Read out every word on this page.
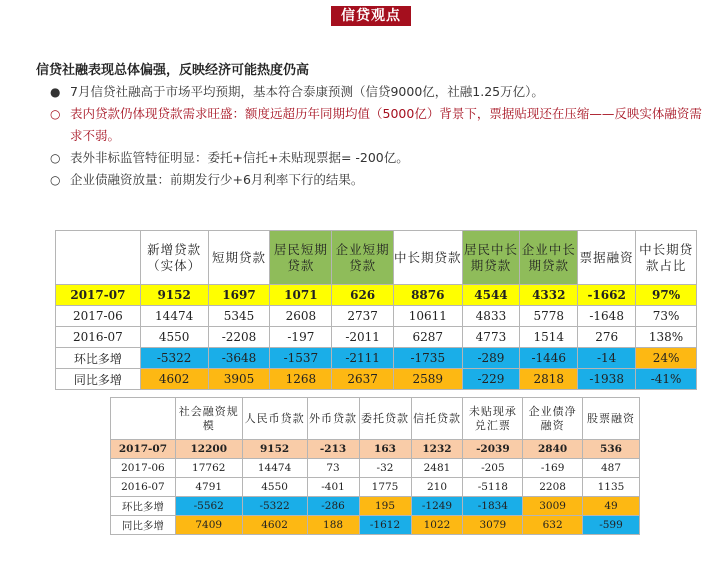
信贷观点
信贷社融表现总体偏强，反映经济可能热度仍高
● 7月信贷社融高于市场平均预期，基本符合泰康预测（信贷9000亿，社融1.25万亿）。
○ 表内贷款仍体现贷款需求旺盛：额度远超历年同期均值（5000亿）背景下，票据贴现还在压缩——反映实体融资需求不弱。
○ 表外非标监管特征明显：委托+信托+未贴现票据= -200亿。
○ 企业债融资放量：前期发行少+6月利率下行的结果。
	新增贷款（实体）	短期贷款	居民短期贷款	企业短期贷款	中长期贷款	居民中长期贷款	企业中长期贷款	票据融资	中长期贷款占比
2017-07	9152	1697	1071	626	8876	4544	4332	-1662	97%
2017-06	14474	5345	2608	2737	10611	4833	5778	-1648	73%
2016-07	4550	-2208	-197	-2011	6287	4773	1514	276	138%
环比多增	-5322	-3648	-1537	-2111	-1735	-289	-1446	-14	24%
同比多增	4602	3905	1268	2637	2589	-229	2818	-1938	-41%
	社会融资规模	人民币贷款	外币贷款	委托贷款	信托贷款	未贴现承兑汇票	企业债净融资	股票融资
2017-07	12200	9152	-213	163	1232	-2039	2840	536
2017-06	17762	14474	73	-32	2481	-205	-169	487
2016-07	4791	4550	-401	1775	210	-5118	2208	1135
环比多增	-5562	-5322	-286	195	-1249	-1834	3009	49
同比多增	7409	4602	188	-1612	1022	3079	632	-599
